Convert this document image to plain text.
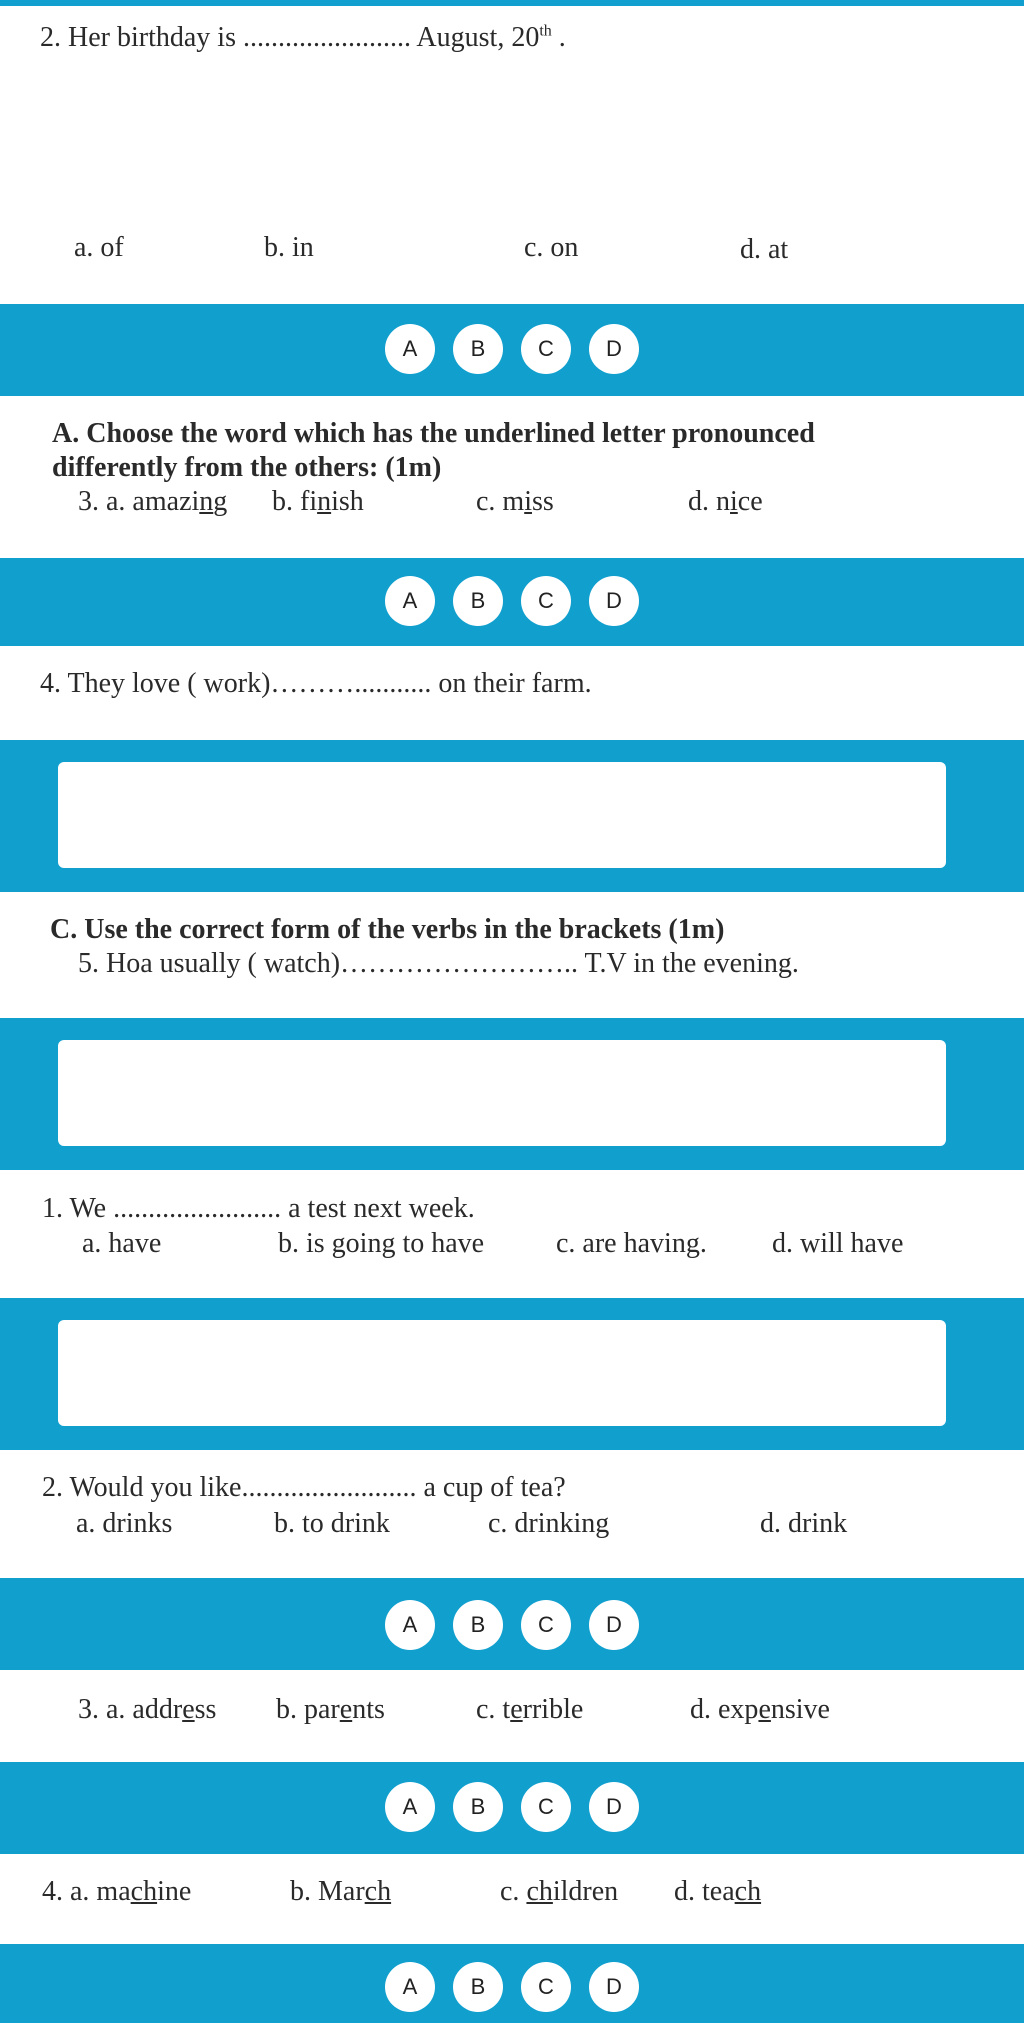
2. Her birthday is ........................ August, 20th .
a. of	b. in	c. on	d. at
A	B	C	D
A. Choose the word which has the underlined letter pronounced
differently from the others: (1m)
3. a. amazing b. finish	c. miss	d. nice
A	B	C	D
4. They love ( work)………........... on their farm.
C. Use the correct form of the verbs in the brackets (1m)
5. Hoa usually ( watch)…………………….. T.V in the evening.
1. We ........................ a test next week.
a. have	b. is going to have	c. are having. d. will have
2. Would you like......................... a cup of tea?
a. drinks	b. to drink	c. drinking	d. drink
A	B	C	D
3. a. address b. parents	c. terrible	d. expensive
A	B	C	D
4. a. machine	b. March	c. children d. teach
A	B	C	D
